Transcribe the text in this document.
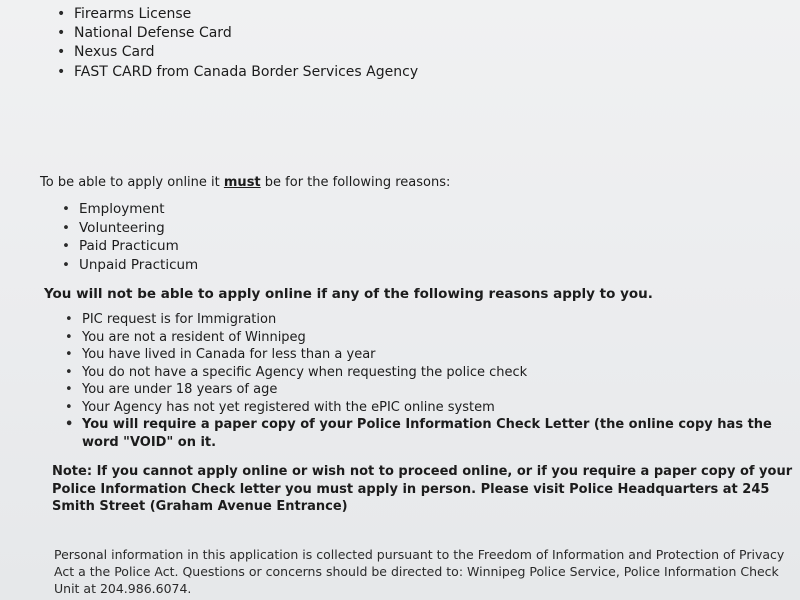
• Firearms License
• National Defense Card
• Nexus Card
• FAST CARD from Canada Border Services Agency

To be able to apply online it must be for the following reasons:

• Employment
• Volunteering
• Paid Practicum
• Unpaid Practicum

You will not be able to apply online if any of the following reasons apply to you.

• PIC request is for Immigration
• You are not a resident of Winnipeg
• You have lived in Canada for less than a year
• You do not have a specific Agency when requesting the police check
• You are under 18 years of age
• Your Agency has not yet registered with the ePIC online system
• You will require a paper copy of your Police Information Check Letter (the online copy has the word "VOID" on it.

Note: If you cannot apply online or wish not to proceed online, or if you require a paper copy of your Police Information Check letter you must apply in person. Please visit Police Headquarters at 245 Smith Street (Graham Avenue Entrance)

Personal information in this application is collected pursuant to the Freedom of Information and Protection of Privacy Act a the Police Act. Questions or concerns should be directed to: Winnipeg Police Service, Police Information Check Unit at 204.986.6074.
